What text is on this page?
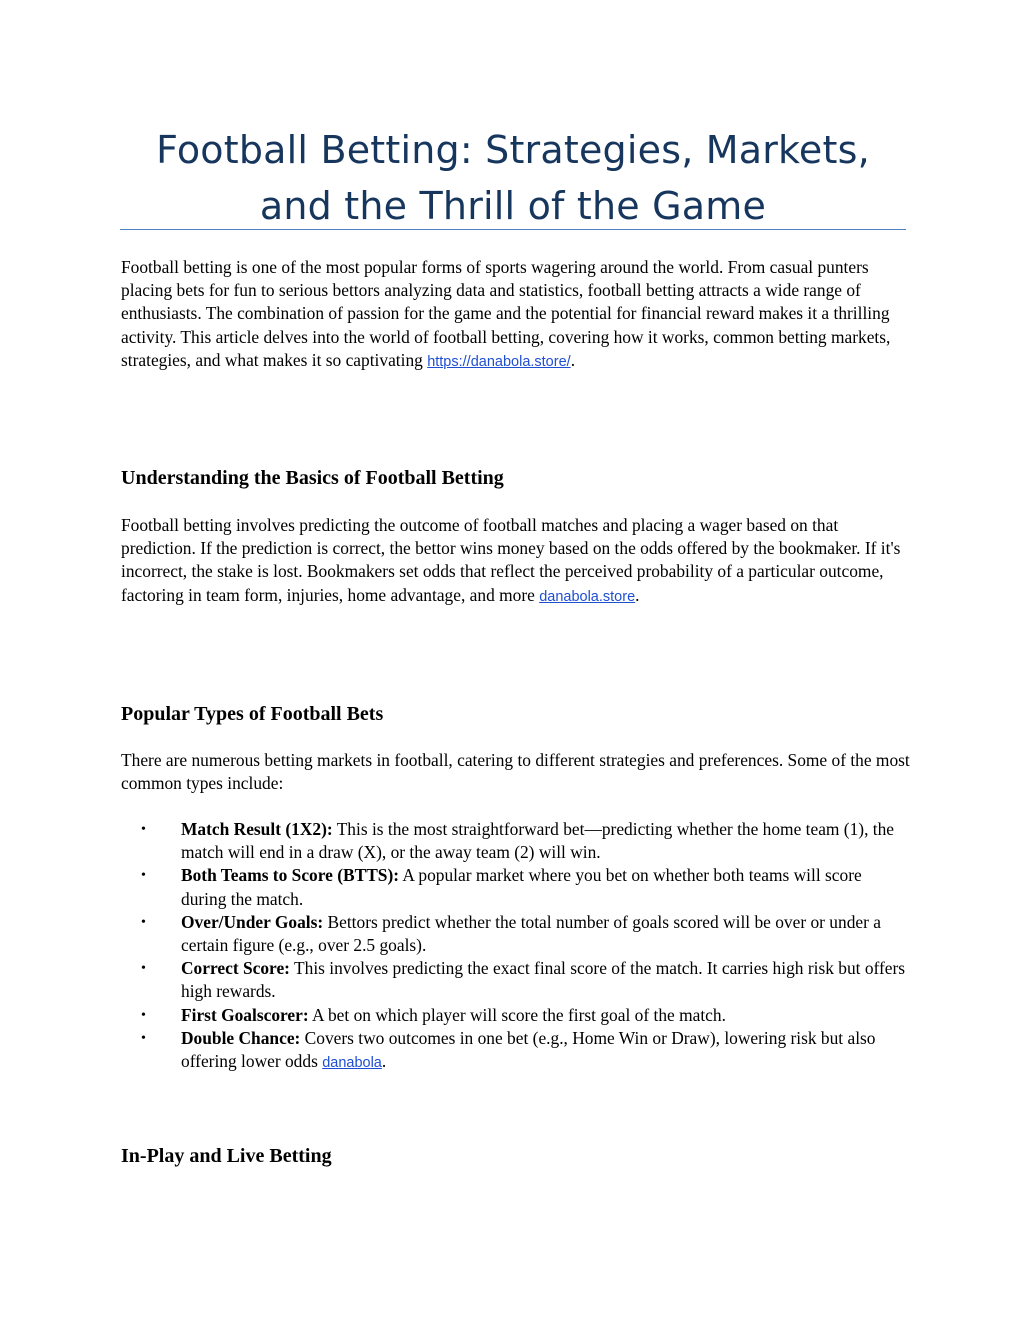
Football Betting: Strategies, Markets, and the Thrill of the Game

Football betting is one of the most popular forms of sports wagering around the world. From casual punters placing bets for fun to serious bettors analyzing data and statistics, football betting attracts a wide range of enthusiasts. The combination of passion for the game and the potential for financial reward makes it a thrilling activity. This article delves into the world of football betting, covering how it works, common betting markets, strategies, and what makes it so captivating https://danabola.store/.

Understanding the Basics of Football Betting

Football betting involves predicting the outcome of football matches and placing a wager based on that prediction. If the prediction is correct, the bettor wins money based on the odds offered by the bookmaker. If it's incorrect, the stake is lost. Bookmakers set odds that reflect the perceived probability of a particular outcome, factoring in team form, injuries, home advantage, and more danabola.store.

Popular Types of Football Bets

There are numerous betting markets in football, catering to different strategies and preferences. Some of the most common types include:

• Match Result (1X2): This is the most straightforward bet—predicting whether the home team (1), the match will end in a draw (X), or the away team (2) will win.
• Both Teams to Score (BTTS): A popular market where you bet on whether both teams will score during the match.
• Over/Under Goals: Bettors predict whether the total number of goals scored will be over or under a certain figure (e.g., over 2.5 goals).
• Correct Score: This involves predicting the exact final score of the match. It carries high risk but offers high rewards.
• First Goalscorer: A bet on which player will score the first goal of the match.
• Double Chance: Covers two outcomes in one bet (e.g., Home Win or Draw), lowering risk but also offering lower odds danabola.
In-Play and Live Betting
